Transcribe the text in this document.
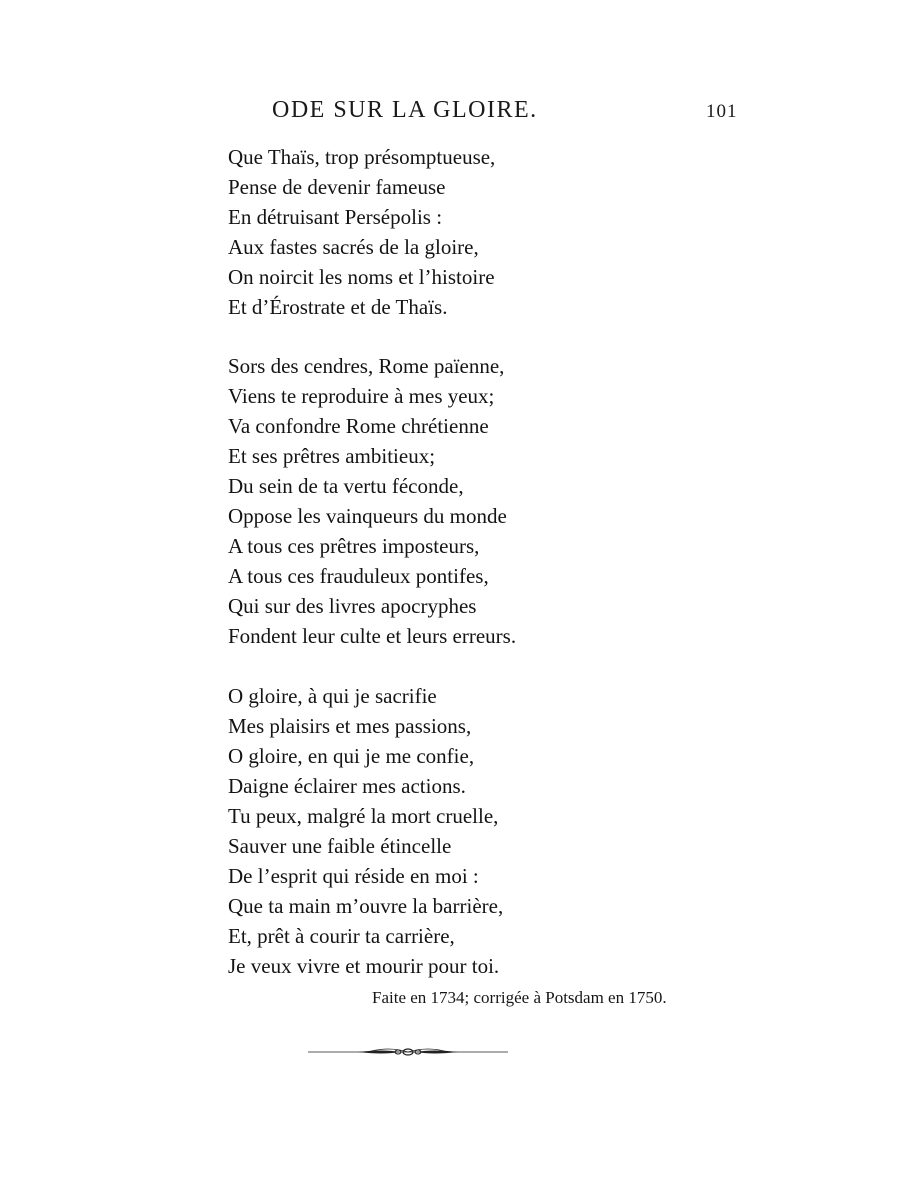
ODE SUR LA GLOIRE.	101
Que Thaïs, trop présomptueuse,
Pense de devenir fameuse
En détruisant Persépolis :
Aux fastes sacrés de la gloire,
On noircit les noms et l’histoire
Et d’Érostrate et de Thaïs.
Sors des cendres, Rome païenne,
Viens te reproduire à mes yeux;
Va confondre Rome chrétienne
Et ses prêtres ambitieux;
Du sein de ta vertu féconde,
Oppose les vainqueurs du monde
A tous ces prêtres imposteurs,
A tous ces frauduleux pontifes,
Qui sur des livres apocryphes
Fondent leur culte et leurs erreurs.
O gloire, à qui je sacrifie
Mes plaisirs et mes passions,
O gloire, en qui je me confie,
Daigne éclairer mes actions.
Tu peux, malgré la mort cruelle,
Sauver une faible étincelle
De l’esprit qui réside en moi :
Que ta main m’ouvre la barrière,
Et, prêt à courir ta carrière,
Je veux vivre et mourir pour toi.
Faite en 1734; corrigée à Potsdam en 1750.
